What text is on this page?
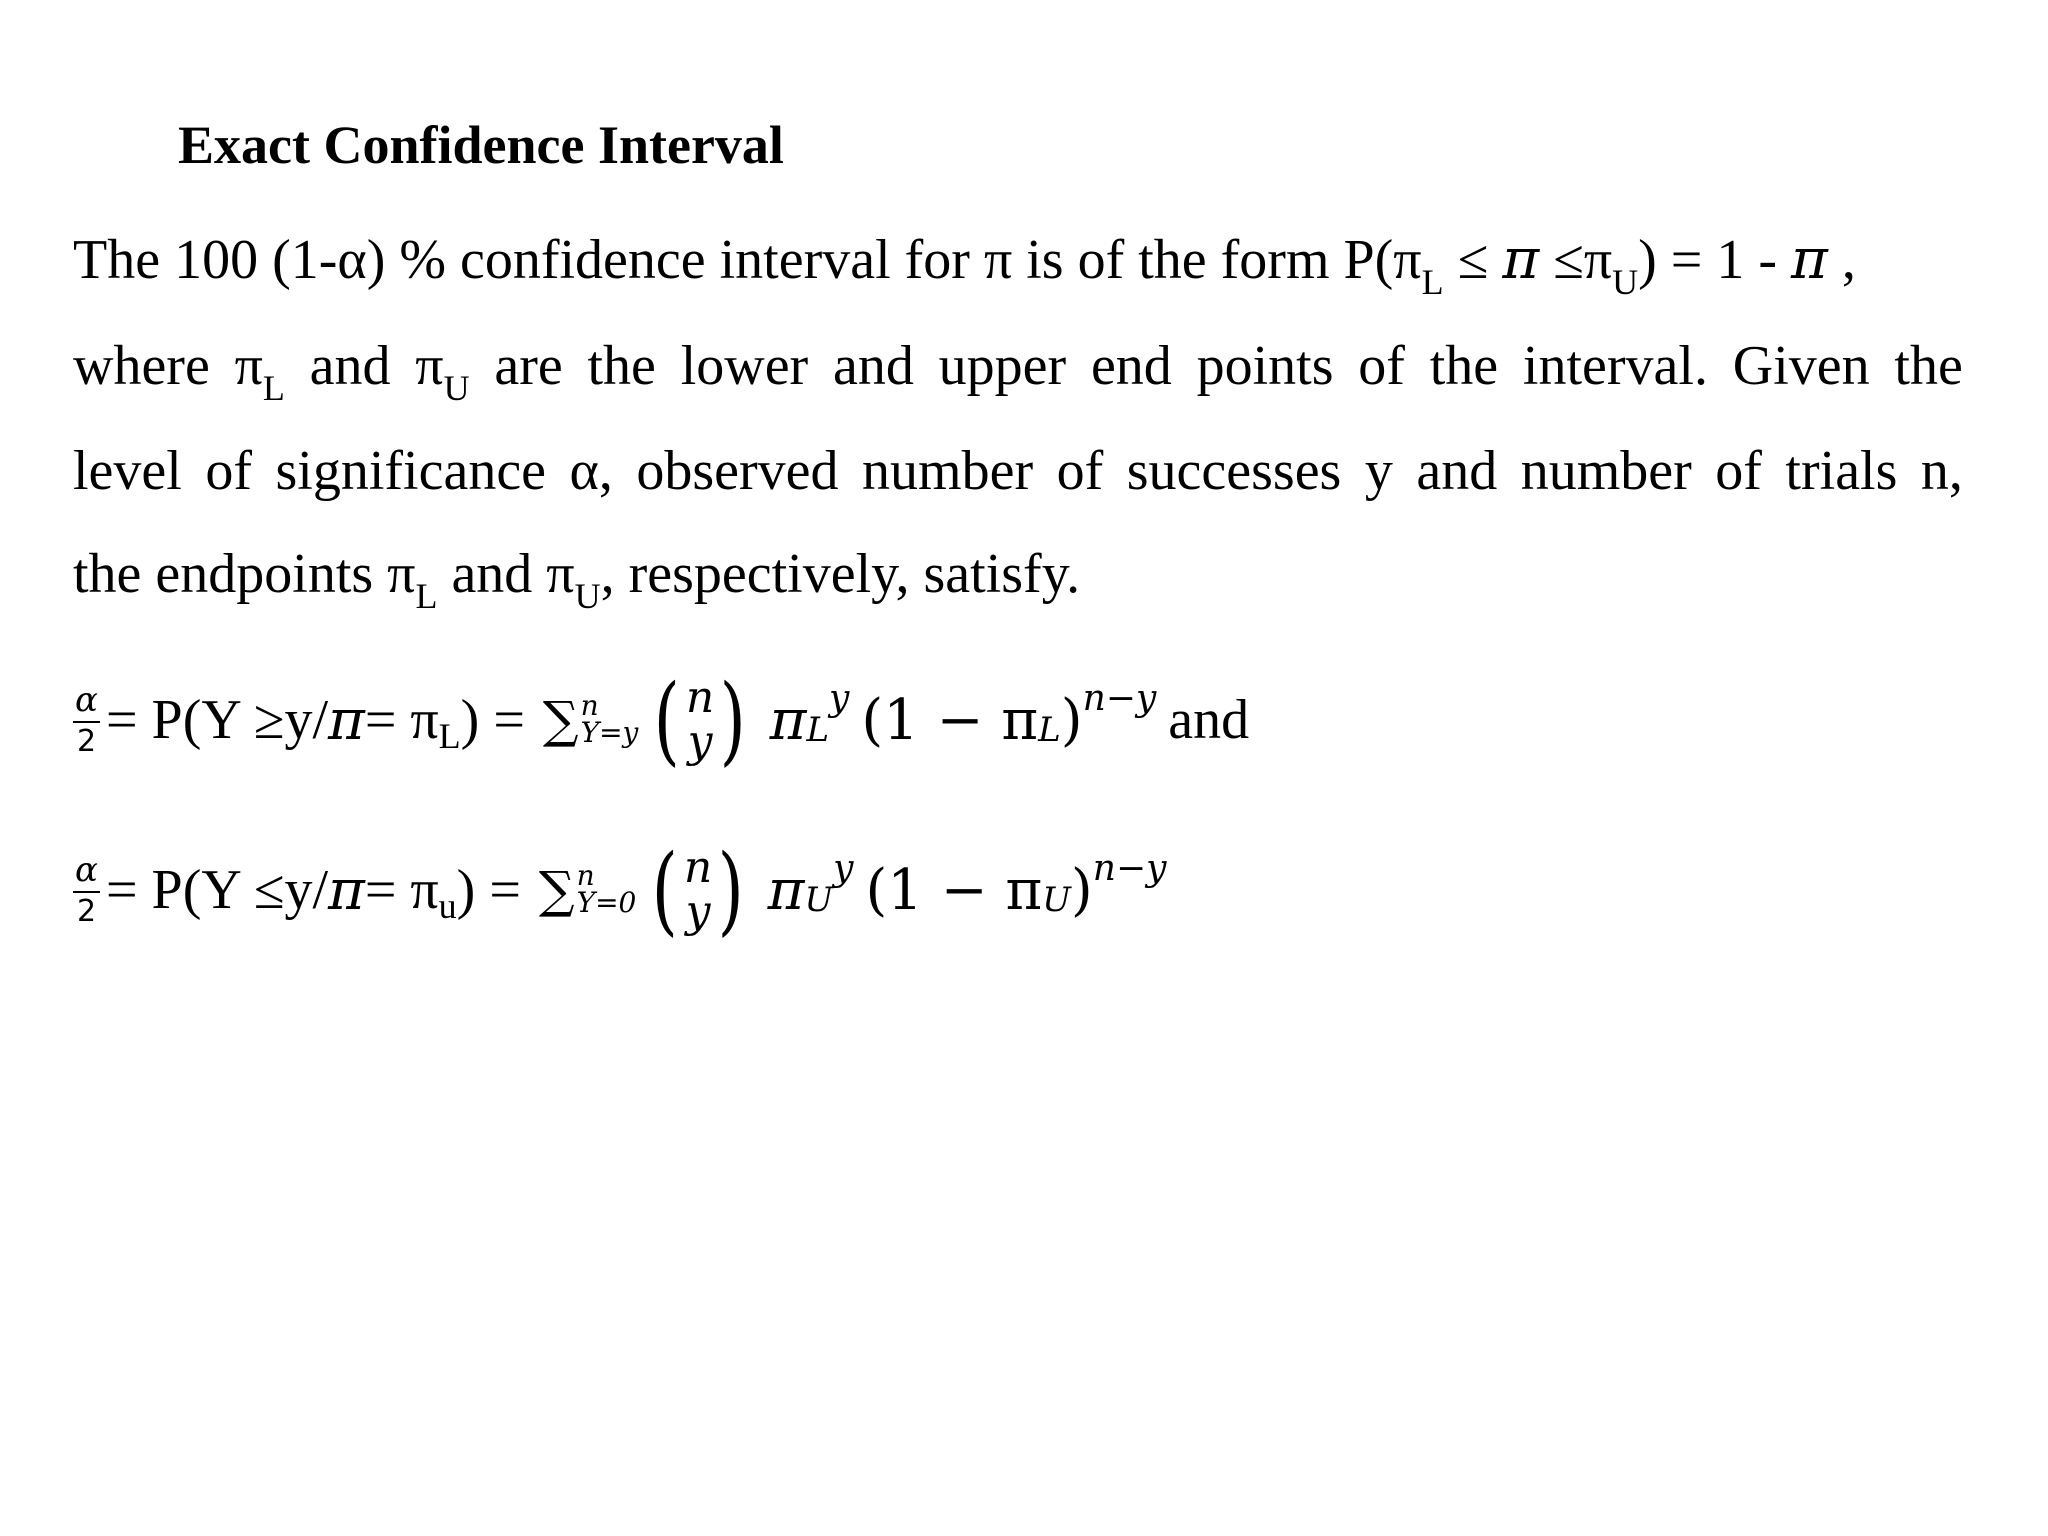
Exact Confidence Interval
The 100 (1-α) % confidence interval for π is of the form $P(\pi_L \le \pi \le\pi_U) = 1 - \pi$ ,
where $\pi_L$ and $\pi_U$ are the lower and upper end points of the interval. Given the
level of significance α, observed number of successes y and number of trials n,
the endpoints $\pi_L$ and $\pi_U$, respectively, satisfy.
$\frac{\alpha}{2} = P(Y \ge y/$ π = π L ) = ∑ n
Y=y ( n
y ) π L
y (1 − π L ) n−y and
$\frac{\alpha}{2} = P(Y \le y/$ π = π u ) = ∑ n
Y=0 ( n
y ) π U
y (1 − π U ) n−y
